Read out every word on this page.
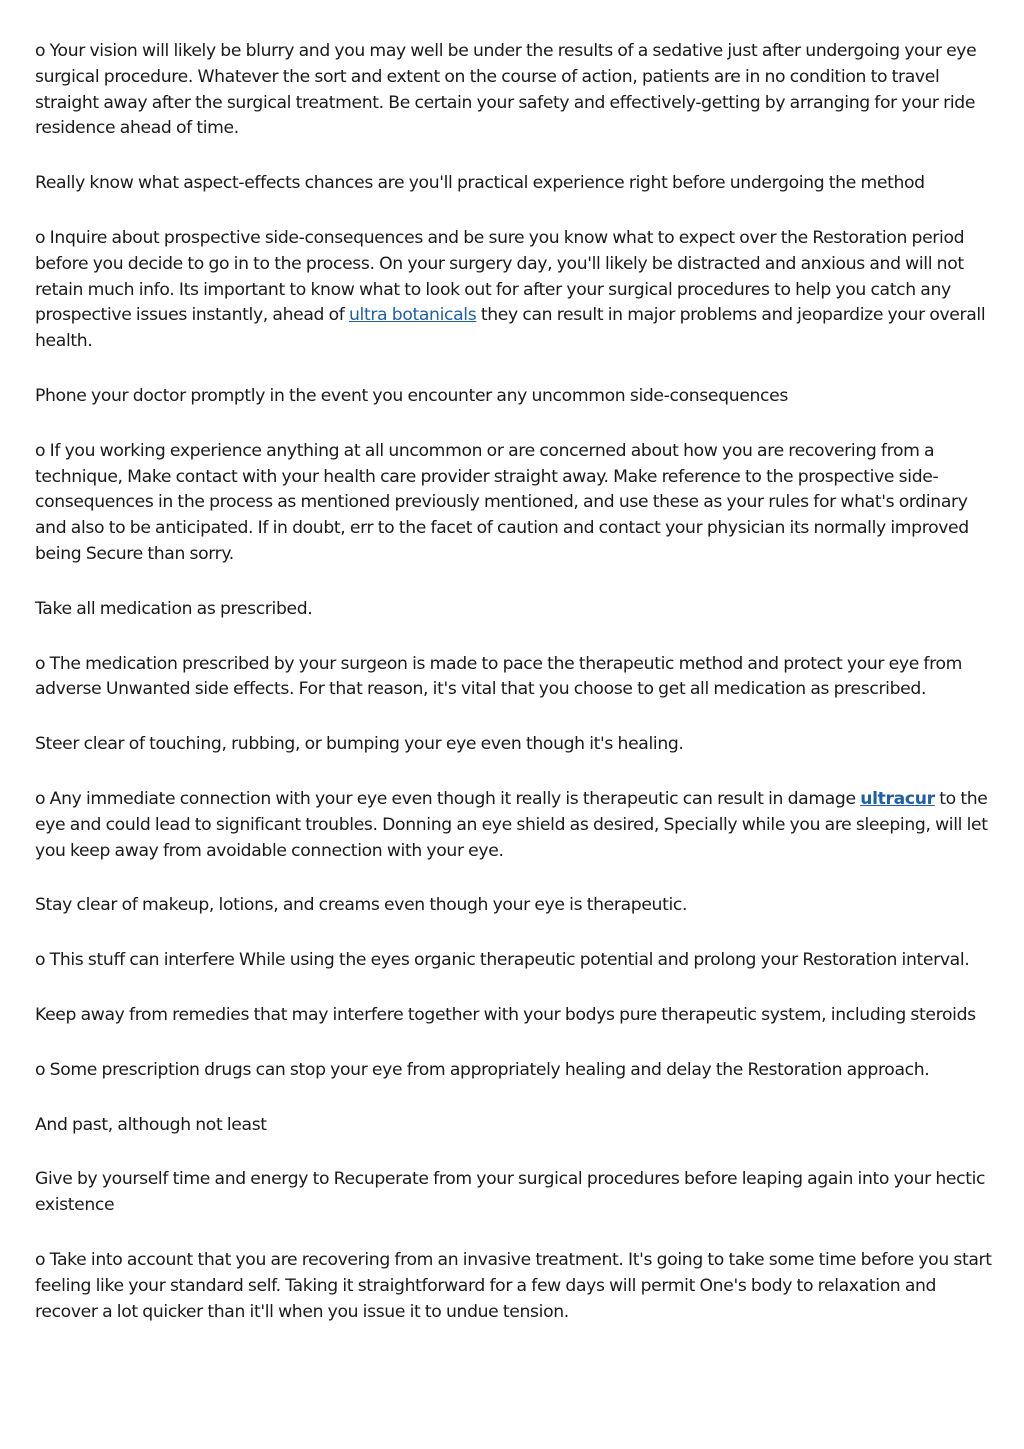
o Your vision will likely be blurry and you may well be under the results of a sedative just after undergoing your eye surgical procedure. Whatever the sort and extent on the course of action, patients are in no condition to travel straight away after the surgical treatment. Be certain your safety and effectively-getting by arranging for your ride residence ahead of time.

Really know what aspect-effects chances are you'll practical experience right before undergoing the method

o Inquire about prospective side-consequences and be sure you know what to expect over the Restoration period before you decide to go in to the process. On your surgery day, you'll likely be distracted and anxious and will not retain much info. Its important to know what to look out for after your surgical procedures to help you catch any prospective issues instantly, ahead of ultra botanicals they can result in major problems and jeopardize your overall health.

Phone your doctor promptly in the event you encounter any uncommon side-consequences

o If you working experience anything at all uncommon or are concerned about how you are recovering from a technique, Make contact with your health care provider straight away. Make reference to the prospective side-consequences in the process as mentioned previously mentioned, and use these as your rules for what's ordinary and also to be anticipated. If in doubt, err to the facet of caution and contact your physician its normally improved being Secure than sorry.

Take all medication as prescribed.

o The medication prescribed by your surgeon is made to pace the therapeutic method and protect your eye from adverse Unwanted side effects. For that reason, it's vital that you choose to get all medication as prescribed.

Steer clear of touching, rubbing, or bumping your eye even though it's healing.

o Any immediate connection with your eye even though it really is therapeutic can result in damage ultracur to the eye and could lead to significant troubles. Donning an eye shield as desired, Specially while you are sleeping, will let you keep away from avoidable connection with your eye.

Stay clear of makeup, lotions, and creams even though your eye is therapeutic.

o This stuff can interfere While using the eyes organic therapeutic potential and prolong your Restoration interval.

Keep away from remedies that may interfere together with your bodys pure therapeutic system, including steroids

o Some prescription drugs can stop your eye from appropriately healing and delay the Restoration approach.

And past, although not least

Give by yourself time and energy to Recuperate from your surgical procedures before leaping again into your hectic existence

o Take into account that you are recovering from an invasive treatment. It's going to take some time before you start feeling like your standard self. Taking it straightforward for a few days will permit One's body to relaxation and recover a lot quicker than it'll when you issue it to undue tension.
